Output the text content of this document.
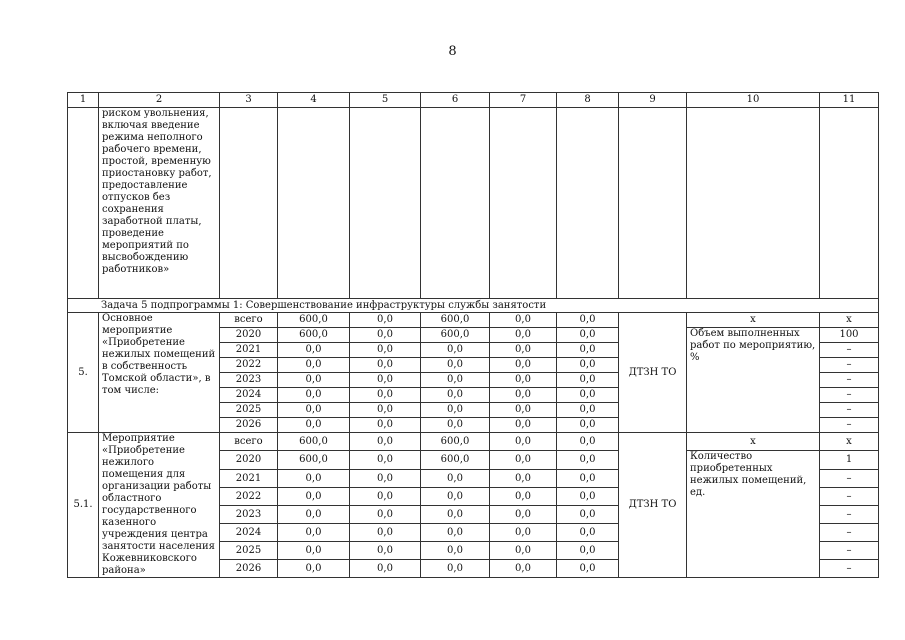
8
1	2	3	4	5	6	7	8	9	10	11
	риском увольнения, включая введение режима неполного рабочего времени, простой, временную приостановку работ, предоставление отпусков без сохранения заработной платы, проведение мероприятий по высвобождению работников»									
Задача 5 подпрограммы 1: Совершенствование инфраструктуры службы занятости										
5.	Основное мероприятие «Приобретение нежилых помещений в собственность Томской области», в том числе:	всего	600,0	0,0	600,0	0,0	0,0	ДТЗН ТО	х	х
		2020	600,0	0,0	600,0	0,0	0,0		Объем выполненных работ по мероприятию, %	100
		2021	0,0	0,0	0,0	0,0	0,0			–
		2022	0,0	0,0	0,0	0,0	0,0			–
		2023	0,0	0,0	0,0	0,0	0,0			–
		2024	0,0	0,0	0,0	0,0	0,0			–
		2025	0,0	0,0	0,0	0,0	0,0			–
		2026	0,0	0,0	0,0	0,0	0,0			–
5.1.	Мероприятие «Приобретение нежилого помещения для организации работы областного государственного казенного учреждения центра занятости населения Кожевниковского района»	всего	600,0	0,0	600,0	0,0	0,0	ДТЗН ТО	х	х
		2020	600,0	0,0	600,0	0,0	0,0		Количество приобретенных нежилых помещений, ед.	1
		2021	0,0	0,0	0,0	0,0	0,0			–
		2022	0,0	0,0	0,0	0,0	0,0			–
		2023	0,0	0,0	0,0	0,0	0,0			–
		2024	0,0	0,0	0,0	0,0	0,0			–
		2025	0,0	0,0	0,0	0,0	0,0			–
		2026	0,0	0,0	0,0	0,0	0,0			–
